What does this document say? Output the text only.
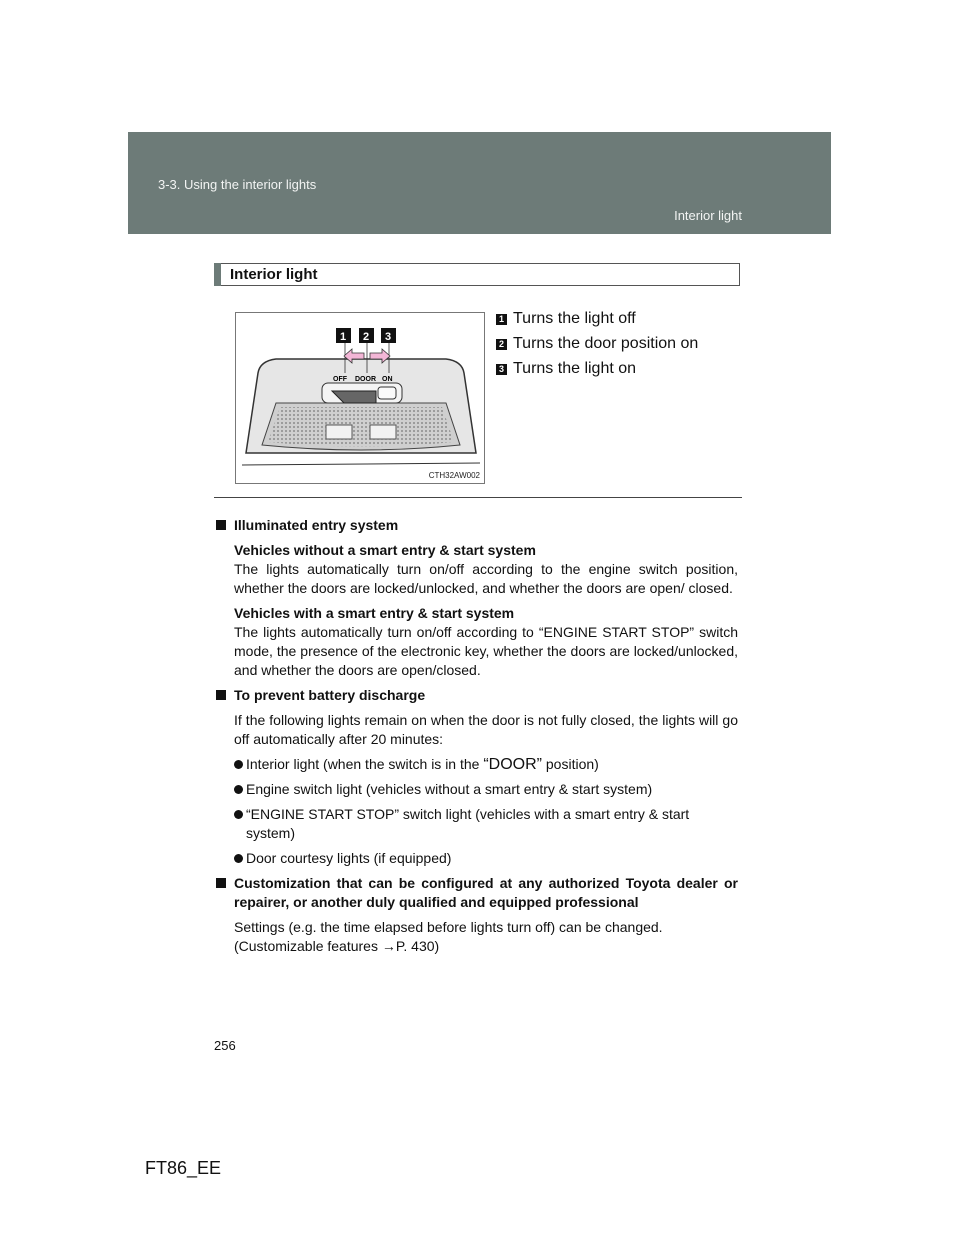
3-3. Using the interior lights
Interior light
Interior light
OFF DOOR ON
1 2 3
CTH32AW002
1 Turns the light off
2 Turns the door position on
3 Turns the light on
Illuminated entry system
Vehicles without a smart entry & start system
The lights automatically turn on/off according to the engine switch position, whether the doors are locked/unlocked, and whether the doors are open/ closed.
Vehicles with a smart entry & start system
The lights automatically turn on/off according to “ENGINE START STOP” switch mode, the presence of the electronic key, whether the doors are locked/unlocked, and whether the doors are open/closed.
To prevent battery discharge
If the following lights remain on when the door is not fully closed, the lights will go off automatically after 20 minutes:
Interior light (when the switch is in the “DOOR” position)
Engine switch light (vehicles without a smart entry & start system)
“ENGINE START STOP” switch light (vehicles with a smart entry & start system)
Door courtesy lights (if equipped)
Customization that can be configured at any authorized Toyota dealer or repairer, or another duly qualified and equipped professional
Settings (e.g. the time elapsed before lights turn off) can be changed.
(Customizable features →P. 430)
256
FT86_EE
